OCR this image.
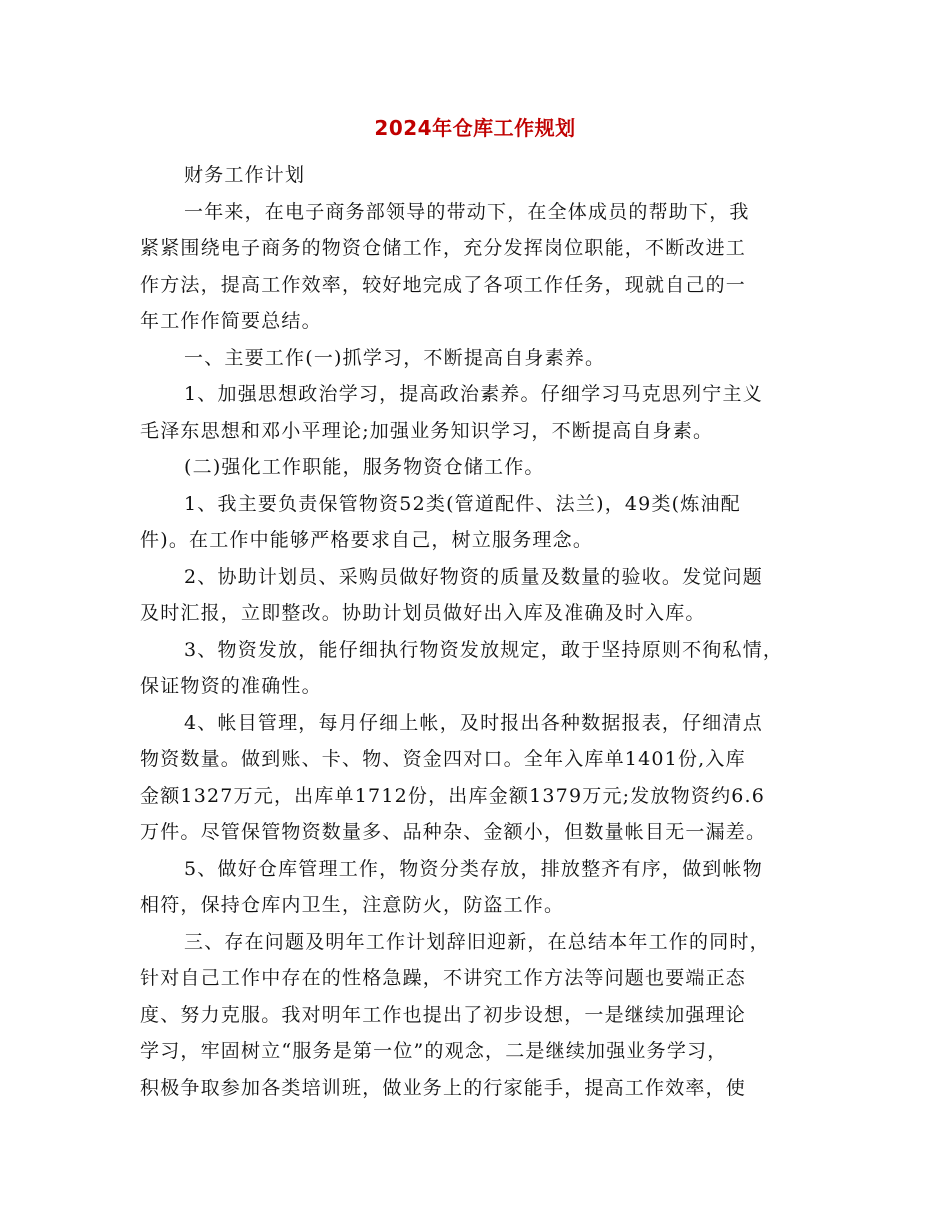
2024年仓库工作规划
财务工作计划
一年来，在电子商务部领导的带动下，在全体成员的帮助下，我
紧紧围绕电子商务的物资仓储工作，充分发挥岗位职能，不断改进工
作方法，提高工作效率，较好地完成了各项工作任务，现就自己的一
年工作作简要总结。
一、主要工作(一)抓学习，不断提高自身素养。
1、加强思想政治学习，提高政治素养。仔细学习马克思列宁主义
毛泽东思想和邓小平理论;加强业务知识学习，不断提高自身素。
(二)强化工作职能，服务物资仓储工作。
1、我主要负责保管物资52类(管道配件、法兰)，49类(炼油配
件)。在工作中能够严格要求自己，树立服务理念。
2、协助计划员、采购员做好物资的质量及数量的验收。发觉问题
及时汇报，立即整改。协助计划员做好出入库及准确及时入库。
3、物资发放，能仔细执行物资发放规定，敢于坚持原则不徇私情，
保证物资的准确性。
4、帐目管理，每月仔细上帐，及时报出各种数据报表，仔细清点
物资数量。做到账、卡、物、资金四对口。全年入库单1401份,入库
金额1327万元，出库单1712份，出库金额1379万元;发放物资约6.6
万件。尽管保管物资数量多、品种杂、金额小，但数量帐目无一漏差。
5、做好仓库管理工作，物资分类存放，排放整齐有序，做到帐物
相符，保持仓库内卫生，注意防火，防盗工作。
三、存在问题及明年工作计划辞旧迎新，在总结本年工作的同时，
针对自己工作中存在的性格急躁，不讲究工作方法等问题也要端正态
度、努力克服。我对明年工作也提出了初步设想，一是继续加强理论
学习，牢固树立“服务是第一位”的观念，二是继续加强业务学习，
积极争取参加各类培训班，做业务上的行家能手，提高工作效率，使
